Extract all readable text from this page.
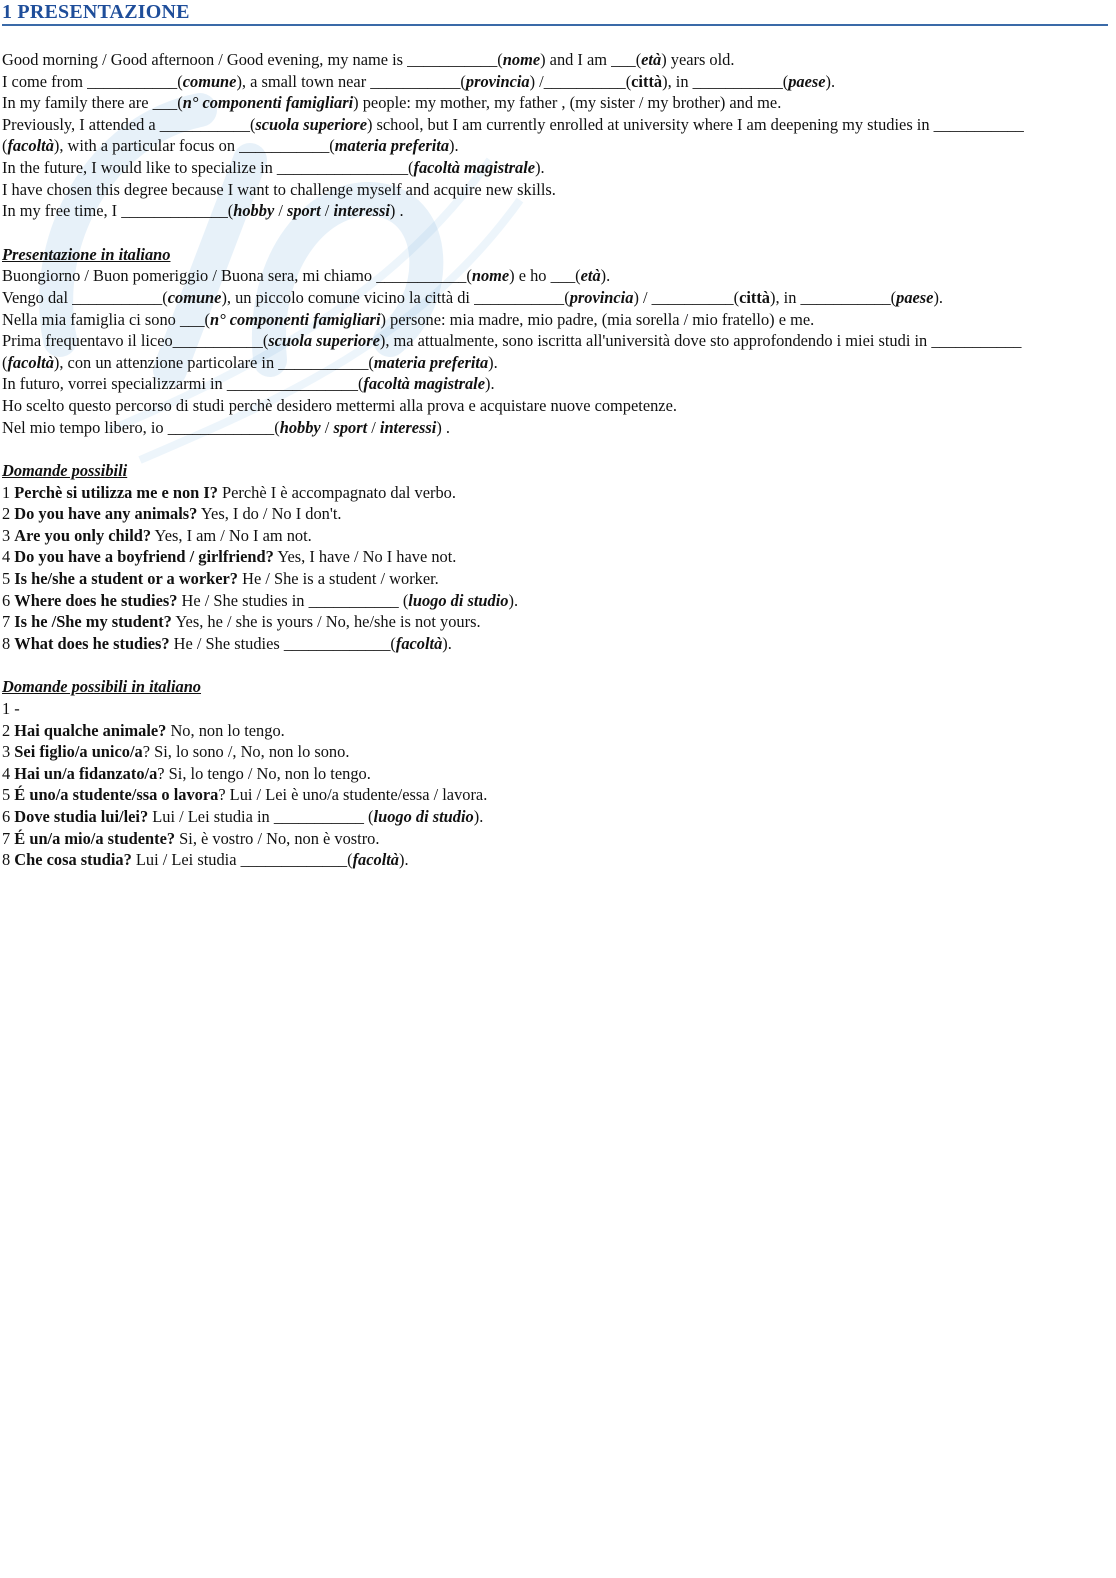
1 PRESENTAZIONE
Good morning / Good afternoon / Good evening, my name is ___________(nome) and I am ___(età) years old.
I come from ___________(comune), a small town near ___________(provincia) /__________(città), in ___________(paese).
In my family there are ___(n° componenti famigliari) people: my mother, my father , (my sister / my brother) and me.
Previously, I attended a ___________(scuola superiore) school, but I am currently enrolled at university where I am deepening my studies in ___________ (facoltà), with a particular focus on ___________(materia preferita).
In the future, I would like to specialize in ________________(facoltà magistrale).
I have chosen this degree because I want to challenge myself and acquire new skills.
In my free time, I _____________(hobby / sport / interessi) .
Presentazione in italiano
Buongiorno / Buon pomeriggio / Buona sera, mi chiamo ___________(nome) e ho ___(età).
Vengo dal ___________(comune), un piccolo comune vicino la città di ___________(provincia) / __________(città), in ___________(paese).
Nella mia famiglia ci sono ___(n° componenti famigliari) persone: mia madre, mio padre, (mia sorella / mio fratello) e me.
Prima frequentavo il liceo___________(scuola superiore), ma attualmente, sono iscritta all'università dove sto approfondendo i miei studi in ___________ (facoltà), con un attenzione particolare in ___________(materia preferita).
In futuro, vorrei specializzarmi in ________________(facoltà magistrale).
Ho scelto questo percorso di studi perchè desidero mettermi alla prova e acquistare nuove competenze.
Nel mio tempo libero, io _____________(hobby / sport / interessi) .
Domande possibili
1 Perchè si utilizza me e non I? Perchè I è accompagnato dal verbo.
2 Do you have any animals? Yes, I do / No I don't.
3 Are you only child? Yes, I am / No I am not.
4 Do you have a boyfriend / girlfriend? Yes, I have / No I have not.
5 Is he/she a student or a worker? He / She is a student / worker.
6 Where does he studies? He / She studies in ___________ (luogo di studio).
7 Is he /She my student? Yes, he / she is yours / No, he/she is not yours.
8 What does he studies? He / She studies _____________(facoltà).
Domande possibili in italiano
1 -
2 Hai qualche animale? No, non lo tengo.
3 Sei figlio/a unico/a? Si, lo sono /, No, non lo sono.
4 Hai un/a fidanzato/a? Si, lo tengo / No, non lo tengo.
5 É uno/a studente/ssa o lavora? Lui / Lei è uno/a studente/essa / lavora.
6 Dove studia lui/lei? Lui / Lei studia in ___________ (luogo di studio).
7 É un/a mio/a studente? Si, è vostro / No, non è vostro.
8 Che cosa studia? Lui / Lei studia _____________(facoltà).
